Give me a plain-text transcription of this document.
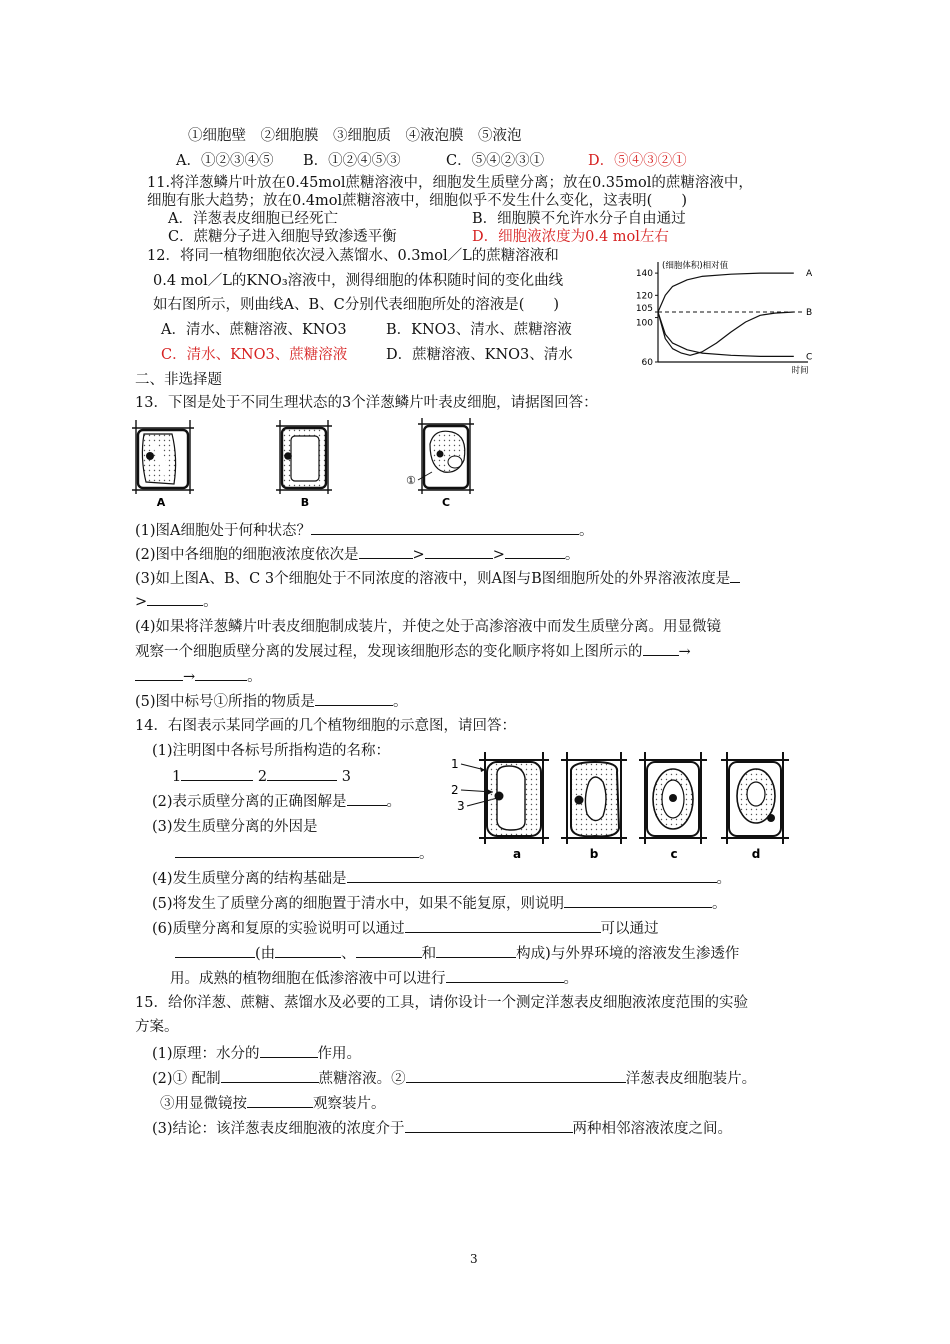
①细胞壁　②细胞膜　③细胞质　④液泡膜　⑤液泡
A．①②③④⑤ B．①②④⑤③	C．⑤④②③①	D．⑤④③②①
11.将洋葱鳞片叶放在0.45mol蔗糖溶液中，细胞发生质壁分离；放在0.35mol的蔗糖溶液中，
细胞有胀大趋势；放在0.4mol蔗糖溶液中，细胞似乎不发生什么变化，这表明(　　)
A．洋葱表皮细胞已经死亡	B．细胞膜不允许水分子自由通过
C．蔗糖分子进入细胞导致渗透平衡	D．细胞液浓度为0.4 mol左右
12．将同一植物细胞依次浸入蒸馏水、0.3mol／L的蔗糖溶液和
0.4 mol／L的KNO₃溶液中，测得细胞的体积随时间的变化曲线
如右图所示，则曲线A、B、C分别代表细胞所处的溶液是(　　)
A．清水、蔗糖溶液、KNO3	B．KNO3、清水、蔗糖溶液
C．清水、KNO3、蔗糖溶液	D．蔗糖溶液、KNO3、清水
(细胞体积)相对值
时间
60
100
105
120
140	A
B
C
二、非选择题
13．下图是处于不同生理状态的3个洋葱鳞片叶表皮细胞，请据图回答：
①
A	B	C
(1)图A细胞处于何种状态？	。
(2)图中各细胞的细胞液浓度依次是	>	>	。
(3)如上图A、B、C 3个细胞处于不同浓度的溶液中，则A图与B图细胞所处的外界溶液浓度是
>	。
(4)如果将洋葱鳞片叶表皮细胞制成装片，并使之处于高渗溶液中而发生质壁分离。用显微镜
观察一个细胞质壁分离的发展过程，发现该细胞形态的变化顺序将如上图所示的 →
→	。
(5)图中标号①所指的物质是	。
14．右图表示某同学画的几个植物细胞的示意图，请回答：
(1)注明图中各标号所指构造的名称：
1	2	3
(2)表示质壁分离的正确图解是	。
(3)发生质壁分离的外因是
。
1
2
3
a	b	c	d
(4)发生质壁分离的结构基础是	。
(5)将发生了质壁分离的细胞置于清水中，如果不能复原，则说明	。
(6)质壁分离和复原的实验说明可以通过	可以通过
(由	、	和	构成)与外界环境的溶液发生渗透作
用。成熟的植物细胞在低渗溶液中可以进行	。
15．给你洋葱、蔗糖、蒸馏水及必要的工具，请你设计一个测定洋葱表皮细胞液浓度范围的实验
方案。
(1)原理：水分的	作用。
(2)① 配制	蔗糖溶液。②	洋葱表皮细胞装片。
③用显微镜按	观察装片。
(3)结论：该洋葱表皮细胞液的浓度介于	两种相邻溶液浓度之间。
3
